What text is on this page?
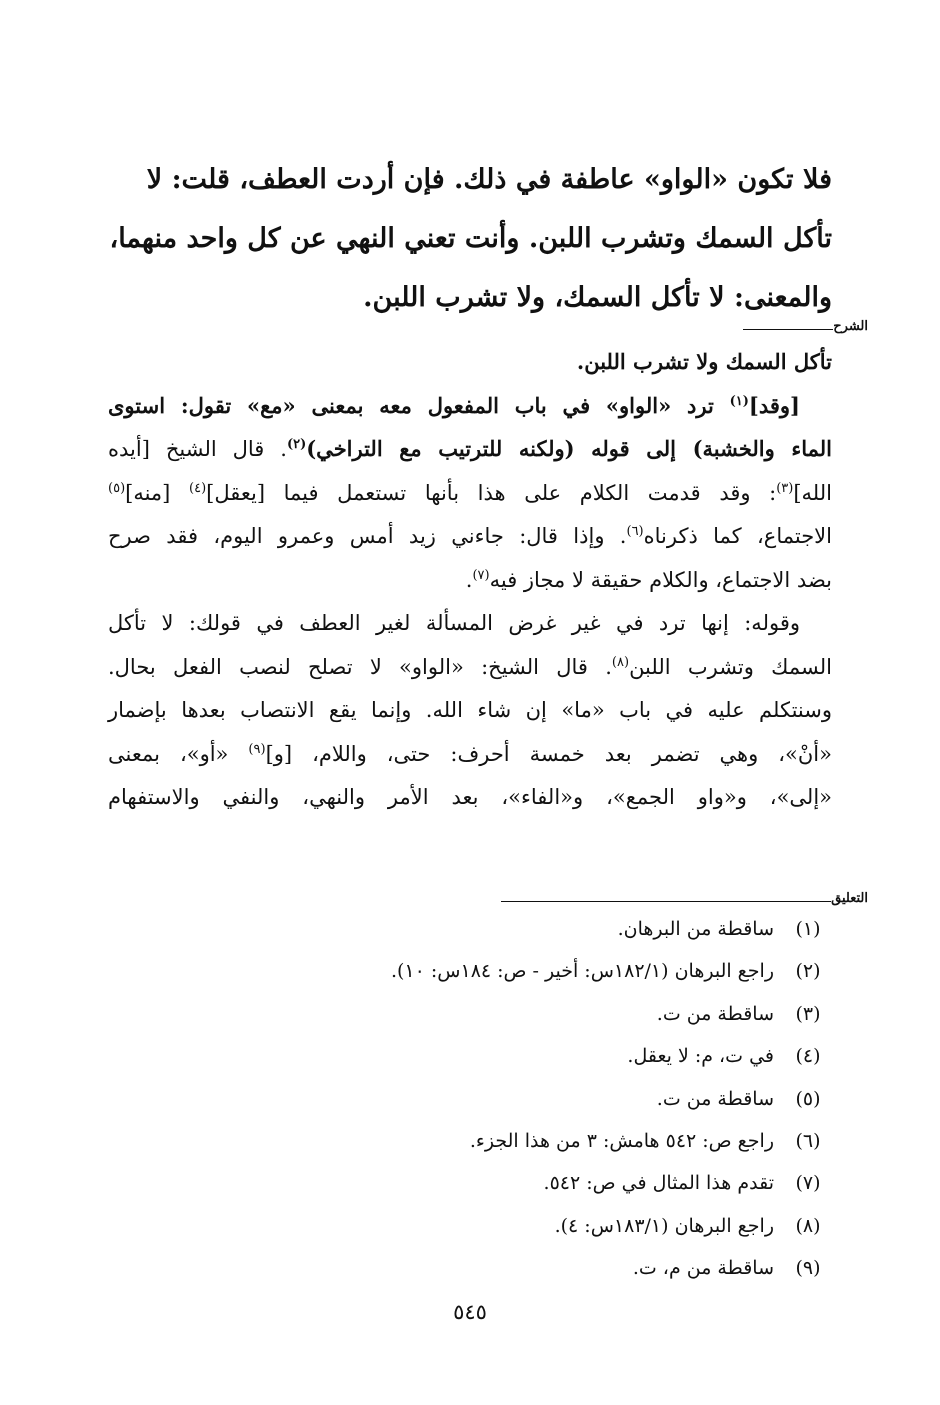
فلا تكون «الواو» عاطفة في ذلك. فإن أردت العطف، قلت: لا

تأكل السمك وتشرب اللبن. وأنت تعني النهي عن كل واحد منهما،

والمعنى: لا تأكل السمك، ولا تشرب اللبن.

الشرح

تأكل السمك ولا تشرب اللبن.

[وقد]$^{(١)}$ ترد «الواو» في باب المفعول معه بمعنى «مع» تقول: استوى

الماء والخشبة) إلى قوله (ولكنه للترتيب مع التراخي)$^{(٢)}$. قال الشيخ [أيده

الله]$^{(٣)}$: وقد قدمت الكلام على هذا بأنها تستعمل فيما [يعقل]$^{(٤)}$ [منه]$^{(٥)}$

الاجتماع، كما ذكرناه$^{(٦)}$. وإذا قال: جاءني زيد أمس وعمرو اليوم، فقد صرح

بضد الاجتماع، والكلام حقيقة لا مجاز فيه$^{(٧)}$.

وقوله: إنها ترد في غير غرض المسألة لغير العطف في قولك: لا تأكل

السمك وتشرب اللبن$^{(٨)}$. قال الشيخ: «الواو» لا تصلح لنصب الفعل بحال.

وسنتكلم عليه في باب «ما» إن شاء الله. وإنما يقع الانتصاب بعدها بإضمار

«أنْ»، وهي تضمر بعد خمسة أحرف: حتى، واللام، [و]$^{(٩)}$ «أو»، بمعنى

«إلى»، و«واو الجمع»، و«الفاء»، بعد الأمر والنهي، والنفي والاستفهام

التعليق
(١)
ساقطة من البرهان.
(٢)
راجع البرهان (١٨٢/١س: أخير - ص: ١٨٤س: ١٠).
(٣)
ساقطة من ت.
(٤)
في ت، م: لا يعقل.
(٥)
ساقطة من ت.
(٦)
راجع ص: ٥٤٢ هامش: ٣ من هذا الجزء.
(٧)
تقدم هذا المثال في ص: ٥٤٢.
(٨)
راجع البرهان (١٨٣/١س: ٤).
(٩)
ساقطة من م، ت.
٥٤٥
